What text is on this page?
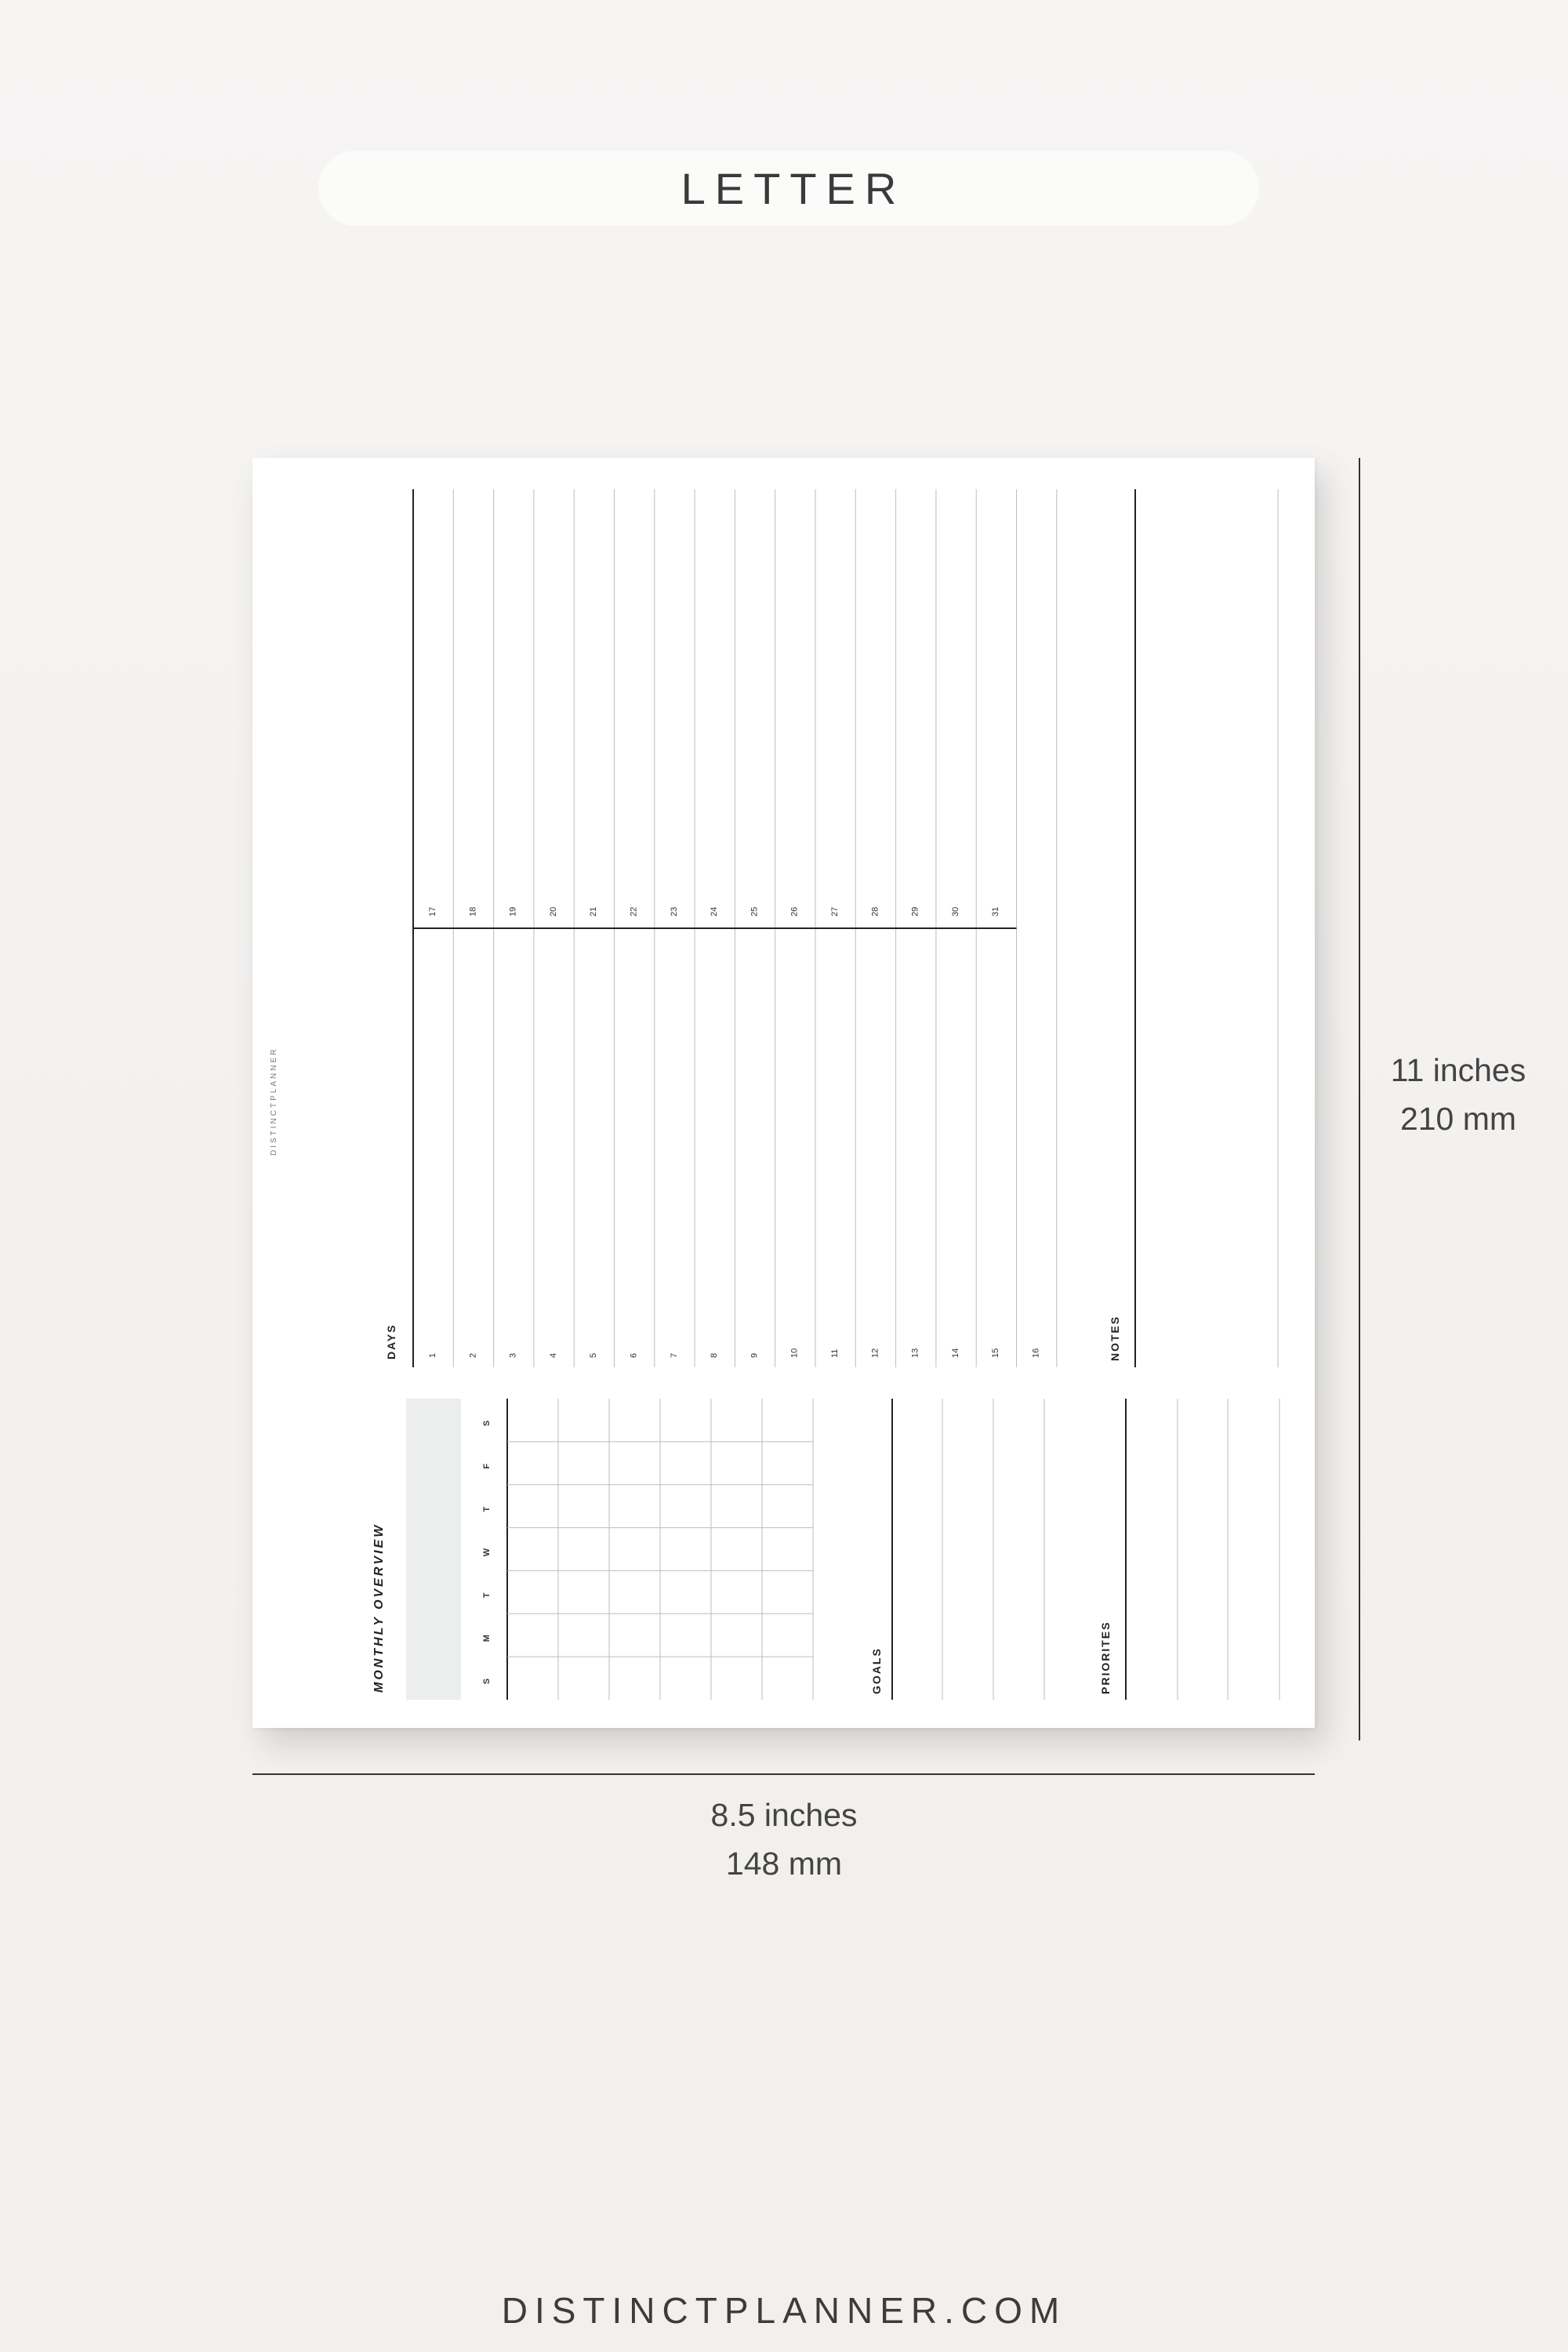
LETTER
DISTINCTPLANNER
DAYS
17	18	19	20	21	22	23	24	25	26	27	28	29	30	31
1	2	3	4	5	6	7	8	9	10	11	12	13	14	15	16	NOTES
MONTHLY OVERVIEW	S
M
T
W
T
F
S
GOALS	PRIORITES
11 inches
210 mm
8.5 inches
148 mm
DISTINCTPLANNER.COM
